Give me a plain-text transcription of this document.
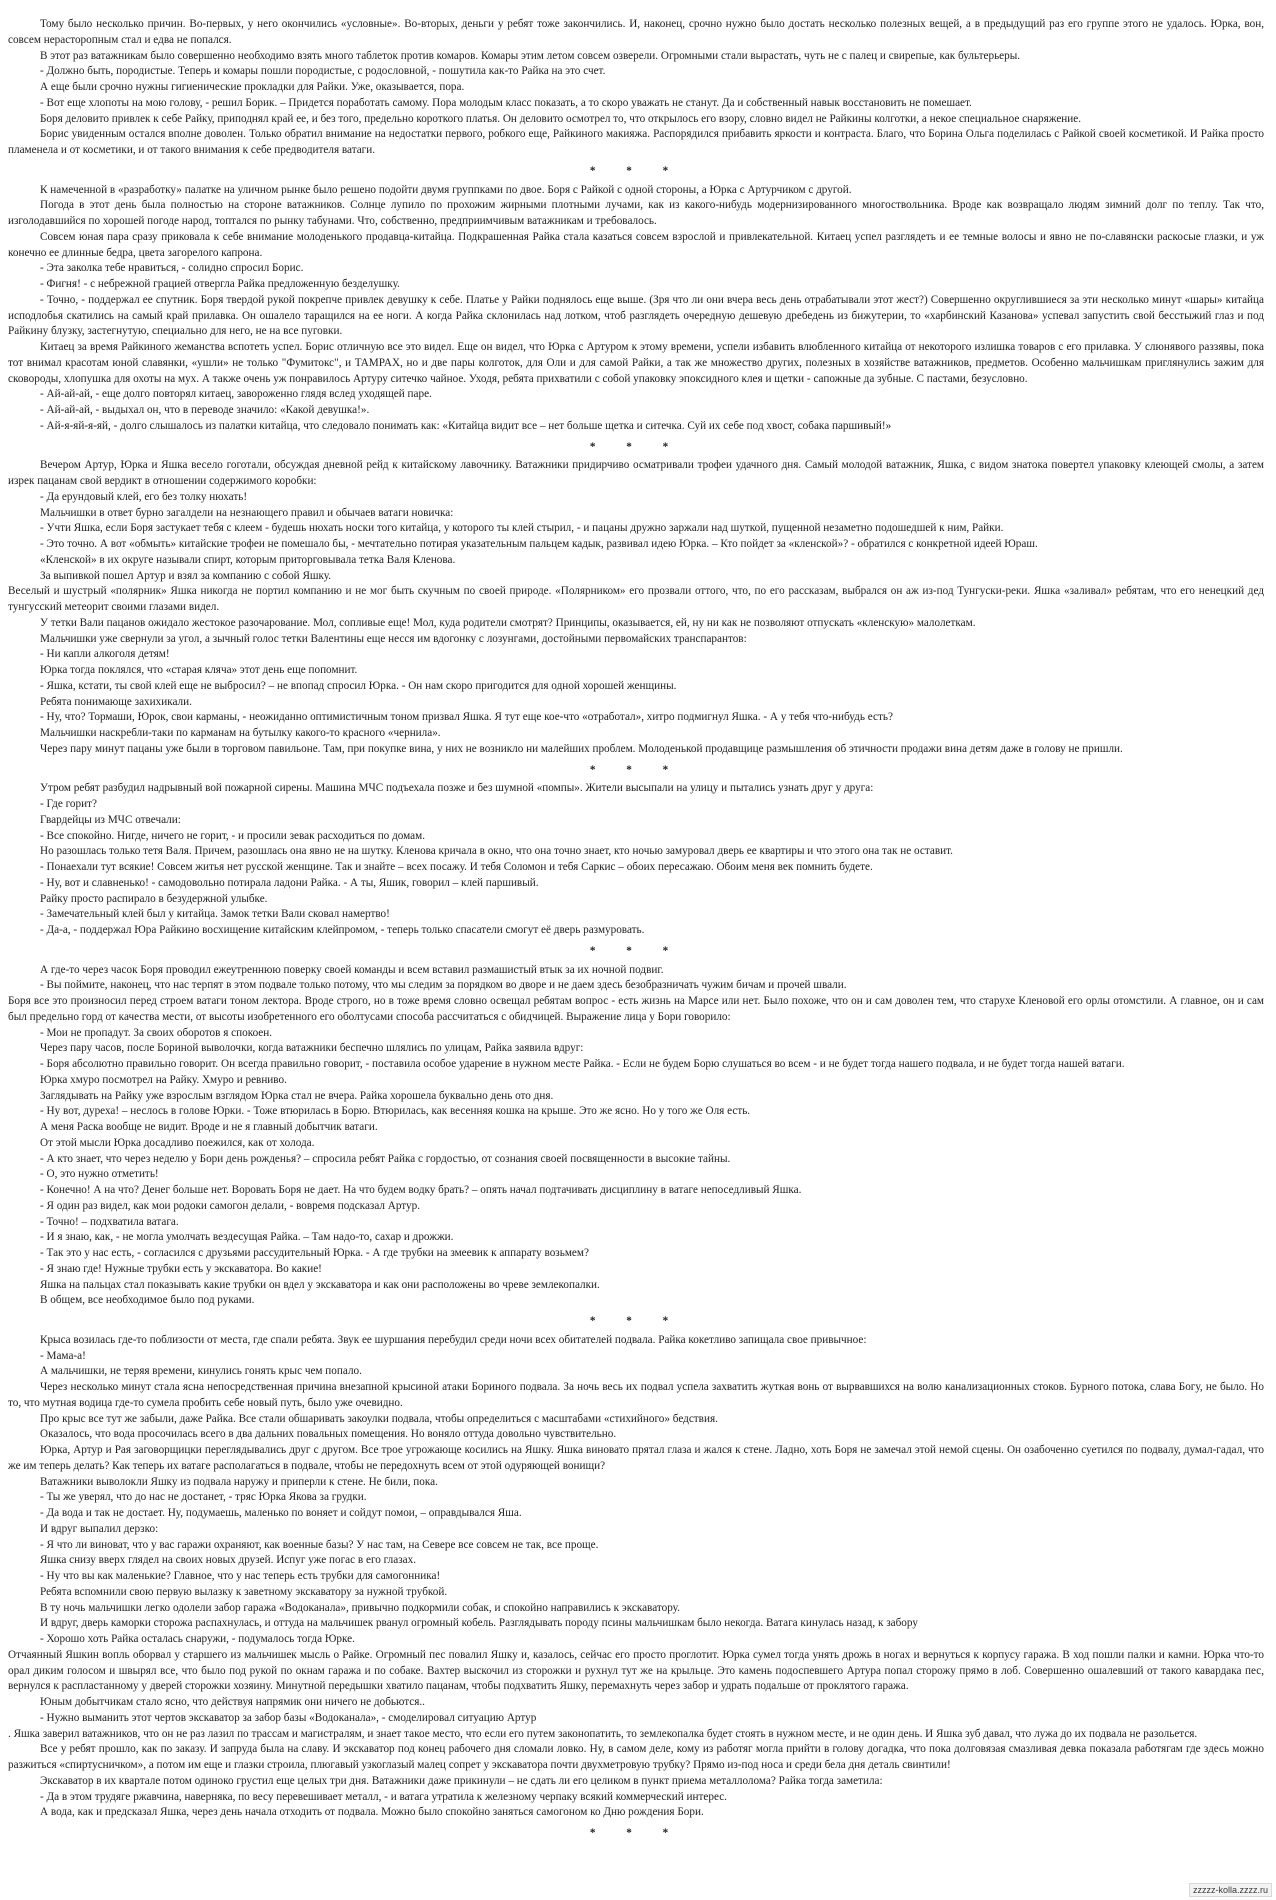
Тому было несколько причин. Во-первых, у него окончились «условные». Во-вторых, деньги у ребят тоже закончились. И, наконец, срочно нужно было достать несколько полезных вещей, а в предыдущий раз его группе этого не удалось. Юрка, вон, совсем нерасторопным стал и едва не попался.

В этот раз ватажникам было совершенно необходимо взять много таблеток против комаров. Комары этим летом совсем озверели. Огромными стали вырастать, чуть не с палец и свирепые, как бультерьеры.

- Должно быть, породистые. Теперь и комары пошли породистые, с родословной, - пошутила как-то Райка на это счет.

А еще были срочно нужны гигиенические прокладки для Райки. Уже, оказывается, пора.

- Вот еще хлопоты на мою голову, - решил Борик. – Придется поработать самому. Пора молодым класс показать, а то скоро уважать не станут. Да и собственный навык восстановить не помешает.

Боря деловито привлек к себе Райку, приподнял край ее, и без того, предельно короткого платья. Он деловито осмотрел то, что открылось его взору, словно видел не Райкины колготки, а некое специальное снаряжение.

Борис увиденным остался вполне доволен. Только обратил внимание на недостатки первого, робкого еще, Райкиного макияжа. Распорядился прибавить яркости и контраста. Благо, что Борина Ольга поделилась с Райкой своей косметикой. И Райка просто пламенела и от косметики, и от такого внимания к себе предводителя ватаги.

* * *

К намеченной в «разработку» палатке на уличном рынке было решено подойти двумя группками по двое. Боря с Райкой с одной стороны, а Юрка с Артурчиком с другой.

Погода в этот день была полностью на стороне ватажников. Солнце лупило по прохожим жирными плотными лучами, как из какого-нибудь модернизированного многоствольника. Вроде как возвращало людям зимний долг по теплу. Так что, изголодавшийся по хорошей погоде народ, топтался по рынку табунами. Что, собственно, предприимчивым ватажникам и требовалось.

Совсем юная пара сразу приковала к себе внимание молоденького продавца-китайца. Подкрашенная Райка стала казаться совсем взрослой и привлекательной. Китаец успел разглядеть и ее темные волосы и явно не по-славянски раскосые глазки, и уж конечно ее длинные бедра, цвета загорелого капрона.

- Эта заколка тебе нравиться, - солидно спросил Борис.

- Фигня! - с небрежной грацией отвергла Райка предложенную безделушку.

- Точно, - поддержал ее спутник. Боря твердой рукой покрепче привлек девушку к себе. Платье у Райки поднялось еще выше. (Зря что ли они вчера весь день отрабатывали этот жест?) Совершенно округлившиеся за эти несколько минут «шары» китайца исподлобья скатились на самый край прилавка. Он ошалело таращился на ее ноги. А когда Райка склонилась над лотком, чтоб разглядеть очередную дешевую дребедень из бижутерии, то «харбинский Казанова» успевал запустить свой бесстыжий глаз и под Райкину блузку, застегнутую, специально для него, не на все пуговки.

Китаец за время Райкиного жеманства вспотеть успел. Борис отличную все это видел. Еще он видел, что Юрка с Артуром к этому времени, успели избавить влюбленного китайца от некоторого излишка товаров с его прилавка. У слюнявого раззявы, пока тот внимал красотам юной славянки, «ушли» не только "Фумитокс", и TAMPAX, но и две пары колготок, для Оли и для самой Райки, а так же множество других, полезных в хозяйстве ватажников, предметов. Особенно мальчишкам приглянулись зажим для сковороды, хлопушка для охоты на мух. А также очень уж понравилось Артуру ситечко чайное. Уходя, ребята прихватили с собой упаковку эпоксидного клея и щетки - сапожные да зубные. С пастами, безусловно.

- Ай-ай-ай, - еще долго повторял китаец, завороженно глядя вслед уходящей паре.

- Ай-ай-ай, - выдыхал он, что в переводе значило: «Какой девушка!».

- Ай-я-яй-я-яй, - долго слышалось из палатки китайца, что следовало понимать как: «Китайца видит все – нет больше щетка и ситечка. Суй их себе под хвост, собака паршивый!»

* * *

Вечером Артур, Юрка и Яшка весело гоготали, обсуждая дневной рейд к китайскому лавочнику. Ватажники придирчиво осматривали трофеи удачного дня. Самый молодой ватажник, Яшка, с видом знатока повертел упаковку клеющей смолы, а затем изрек пацанам свой вердикт в отношении содержимого коробки:

- Да ерундовый клей, его без толку нюхать!

Мальчишки в ответ бурно загалдели на незнающего правил и обычаев ватаги новичка:

- Учти Яшка, если Боря застукает тебя с клеем - будешь нюхать носки того китайца, у которого ты клей стырил, - и пацаны дружно заржали над шуткой, пущенной незаметно подошедшей к ним, Райки.

- Это точно. А вот «обмыть» китайские трофеи не помешало бы, - мечтательно потирая указательным пальцем кадык, развивал идею Юрка. – Кто пойдет за «кленской»? - обратился с конкретной идеей Юраш.

«Кленской» в их округе называли спирт, которым приторговывала тетка Валя Кленова.

За выпивкой пошел Артур и взял за компанию с собой Яшку.

Веселый и шустрый «полярник» Яшка никогда не портил компанию и не мог быть скучным по своей природе. «Полярником» его прозвали оттого, что, по его рассказам, выбрался он аж из-под Тунгуски-реки. Яшка «заливал» ребятам, что его ненецкий дед тунгусский метеорит своими глазами видел.

У тетки Вали пацанов ожидало жестокое разочарование. Мол, сопливые еще! Мол, куда родители смотрят? Принципы, оказывается, ей, ну ни как не позволяют отпускать «кленскую» малолеткам.

Мальчишки уже свернули за угол, а зычный голос тетки Валентины еще несся им вдогонку с лозунгами, достойными первомайских транспарантов:

- Ни капли алкоголя детям!

Юрка тогда поклялся, что «старая кляча» этот день еще попомнит.

- Яшка, кстати, ты свой клей еще не выбросил? – не впопад спросил Юрка. - Он нам скоро пригодится для одной хорошей женщины.

Ребята понимающе захихикали.

- Ну, что? Тормаши, Юрок, свои карманы, - неожиданно оптимистичным тоном призвал Яшка. Я тут еще кое-что «отработал», хитро подмигнул Яшка. - А у тебя что-нибудь есть?

Мальчишки наскребли-таки по карманам на бутылку какого-то красного «чернила».

Через пару минут пацаны уже были в торговом павильоне. Там, при покупке вина, у них не возникло ни малейших проблем. Молоденькой продавщице размышления об этичности продажи вина детям даже в голову не пришли.

* * *

Утром ребят разбудил надрывный вой пожарной сирены. Машина МЧС подъехала позже и без шумной «помпы». Жители высыпали на улицу и пытались узнать друг у друга:

- Где горит?

Гвардейцы из МЧС отвечали:

- Все спокойно. Нигде, ничего не горит, - и просили зевак расходиться по домам.

Но разошлась только тетя Валя. Причем, разошлась она явно не на шутку. Кленова кричала в окно, что она точно знает, кто ночью замуровал дверь ее квартиры и что этого она так не оставит.

- Понаехали тут всякие! Совсем житья нет русской женщине. Так и знайте – всех посажу. И тебя Соломон и тебя Саркис – обоих пересажаю. Обоим меня век помнить будете.

- Ну, вот и славненько! - самодовольно потирала ладони Райка. - А ты, Яшик, говорил – клей паршивый.

Райку просто распирало в безудержной улыбке.

- Замечательный клей был у китайца. Замок тетки Вали сковал намертво!

- Да-а, - поддержал Юра Райкино восхищение китайским клейпромом, - теперь только спасатели смогут её дверь размуровать.

* * *

А где-то через часок Боря проводил ежеутреннюю поверку своей команды и всем вставил размашистый втык за их ночной подвиг.

- Вы поймите, наконец, что нас терпят в этом подвале только потому, что мы следим за порядком во дворе и не даем здесь безобразничать чужим бичам и прочей швали.

Боря все это произносил перед строем ватаги тоном лектора. Вроде строго, но в тоже время словно освещал ребятам вопрос - есть жизнь на Марсе или нет. Было похоже, что он и сам доволен тем, что старухе Кленовой его орлы отомстили. А главное, он и сам был предельно горд от качества мести, от высоты изобретенного его оболтусами способа рассчитаться с обидчицей. Выражение лица у Бори говорило:

- Мои не пропадут. За своих оборотов я спокоен.

Через пару часов, после Бориной выволочки, когда ватажники беспечно шлялись по улицам, Райка заявила вдруг:

- Боря абсолютно правильно говорит. Он всегда правильно говорит, - поставила особое ударение в нужном месте Райка. - Если не будем Борю слушаться во всем - и не будет тогда нашего подвала, и не будет тогда нашей ватаги.

Юрка хмуро посмотрел на Райку. Хмуро и ревниво.

Заглядывать на Райку уже взрослым взглядом Юрка стал не вчера. Райка хорошела буквально день ото дня.

- Ну вот, дуреха! – неслось в голове Юрки. - Тоже втюрилась в Борю. Втюрилась, как весенняя кошка на крыше. Это же ясно. Но у того же Оля есть.

А меня Раска вообще не видит. Вроде и не я главный добытчик ватаги.

От этой мысли Юрка досадливо поежился, как от холода.

- А кто знает, что через неделю у Бори день рожденья? – спросила ребят Райка с гордостью, от сознания своей посвященности в высокие тайны.

- О, это нужно отметить!

- Конечно! А на что? Денег больше нет. Воровать Боря не дает. На что будем водку брать? – опять начал подтачивать дисциплину в ватаге непоседливый Яшка.

- Я один раз видел, как мои родоки самогон делали, - вовремя подсказал Артур.

- Точно! – подхватила ватага.

- И я знаю, как, - не могла умолчать вездесущая Райка. – Там надо-то, сахар и дрожжи.

- Так это у нас есть, - согласился с друзьями рассудительный Юрка. - А где трубки на змеевик к аппарату возьмем?

- Я знаю где! Нужные трубки есть у экскаватора. Во какие!

Яшка на пальцах стал показывать какие трубки он вдел у экскаватора и как они расположены во чреве землекопалки.

В общем, все необходимое было под руками.

* * *

Крыса возилась где-то поблизости от места, где спали ребята. Звук ее шуршания перебудил среди ночи всех обитателей подвала. Райка кокетливо запищала свое привычное:

- Мама-а!

А мальчишки, не теряя времени, кинулись гонять крыс чем попало.

Через несколько минут стала ясна непосредственная причина внезапной крысиной атаки Бориного подвала. За ночь весь их подвал успела захватить жуткая вонь от вырвавшихся на волю канализационных стоков. Бурного потока, слава Богу, не было. Но то, что мутная водица где-то сумела пробить себе новый путь, было уже очевидно.

Про крыс все тут же забыли, даже Райка. Все стали обшаривать закоулки подвала, чтобы определиться с масштабами «стихийного» бедствия.

Оказалось, что вода просочилась всего в два дальних повальных помещения. Но воняло оттуда довольно чувствительно.

Юрка, Артур и Рая заговорщицки переглядывались друг с другом. Все трое угрожающе косились на Яшку. Яшка виновато прятал глаза и жался к стене. Ладно, хоть Боря не замечал этой немой сцены. Он озабоченно суетился по подвалу, думал-гадал, что же им теперь делать? Как теперь их ватаге располагаться в подвале, чтобы не передохнуть всем от этой одуряющей вонищи?

Ватажники выволокли Яшку из подвала наружу и приперли к стене. Не били, пока.

- Ты же уверял, что до нас не достанет, - тряс Юрка Якова за грудки.

- Да вода и так не достает. Ну, подумаешь, маленько по воняет и сойдут помои, – оправдывался Яша.

И вдруг выпалил дерзко:

- Я что ли виноват, что у вас гаражи охраняют, как военные базы? У нас там, на Севере все совсем не так, все проще.

Яшка снизу вверх глядел на своих новых друзей. Испуг уже погас в его глазах.

- Ну что вы как маленькие? Главное, что у нас теперь есть трубки для самогонника!

Ребята вспомнили свою первую вылазку к заветному экскаватору за нужной трубкой.

В ту ночь мальчишки легко одолели забор гаража «Водоканала», привычно подкормили собак, и спокойно направились к экскаватору.

И вдруг, дверь каморки сторожа распахнулась, и оттуда на мальчишек рванул огромный кобель. Разглядывать породу псины мальчишкам было некогда. Ватага кинулась назад, к забору

- Хорошо хоть Райка осталась снаружи, - подумалось тогда Юрке.

Отчаянный Яшкин вопль оборвал у старшего из мальчишек мысль о Райке. Огромный пес повалил Яшку и, казалось, сейчас его просто проглотит. Юрка сумел тогда унять дрожь в ногах и вернуться к корпусу гаража. В ход пошли палки и камни. Юрка что-то орал диким голосом и швырял все, что было под рукой по окнам гаража и по собаке. Вахтер выскочил из сторожки и рухнул тут же на крыльце. Это камень подоспевшего Артура попал сторожу прямо в лоб. Совершенно ошалевший от такого кавардака пес, вернулся к распластанному у дверей сторожки хозяину. Минутной передышки хватило пацанам, чтобы подхватить Яшку, перемахнуть через забор и удрать подальше от проклятого гаража.

Юным добытчикам стало ясно, что действуя напрямик они ничего не добьются..

- Нужно выманить этот чертов экскаватор за забор базы «Водоканала», - смоделировал ситуацию Артур

. Яшка заверил ватажников, что он не раз лазил по трассам и магистралям, и знает такое место, что если его путем законопатить, то землекопалка будет стоять в нужном месте, и не один день. И Яшка зуб давал, что лужа до их подвала не разольется.

Все у ребят прошло, как по заказу. И запруда была на славу. И экскаватор под конец рабочего дня сломали ловко. Ну, в самом деле, кому из работяг могла прийти в голову догадка, что пока долговязая смазливая девка показала работягам где здесь можно разжиться «спиртусничком», а потом им еще и глазки строила, плюгавый узкоглазый малец сопрет у экскаватора почти двухметровую трубку? Прямо из-под носа и среди бела дня деталь свинтили!

Экскаватор в их квартале потом одиноко грустил еще целых три дня. Ватажники даже прикинули – не сдать ли его целиком в пункт приема металлолома? Райка тогда заметила:

- Да в этом трудяге ржавчина, наверняка, по весу перевешивает металл, - и ватага утратила к железному черпаку всякий коммерческий интерес.

А вода, как и предсказал Яшка, через день начала отходить от подвала. Можно было спокойно заняться самогоном ко Дню рождения Бори.

* * *

zzzzz-kolla.zzzz.ru
